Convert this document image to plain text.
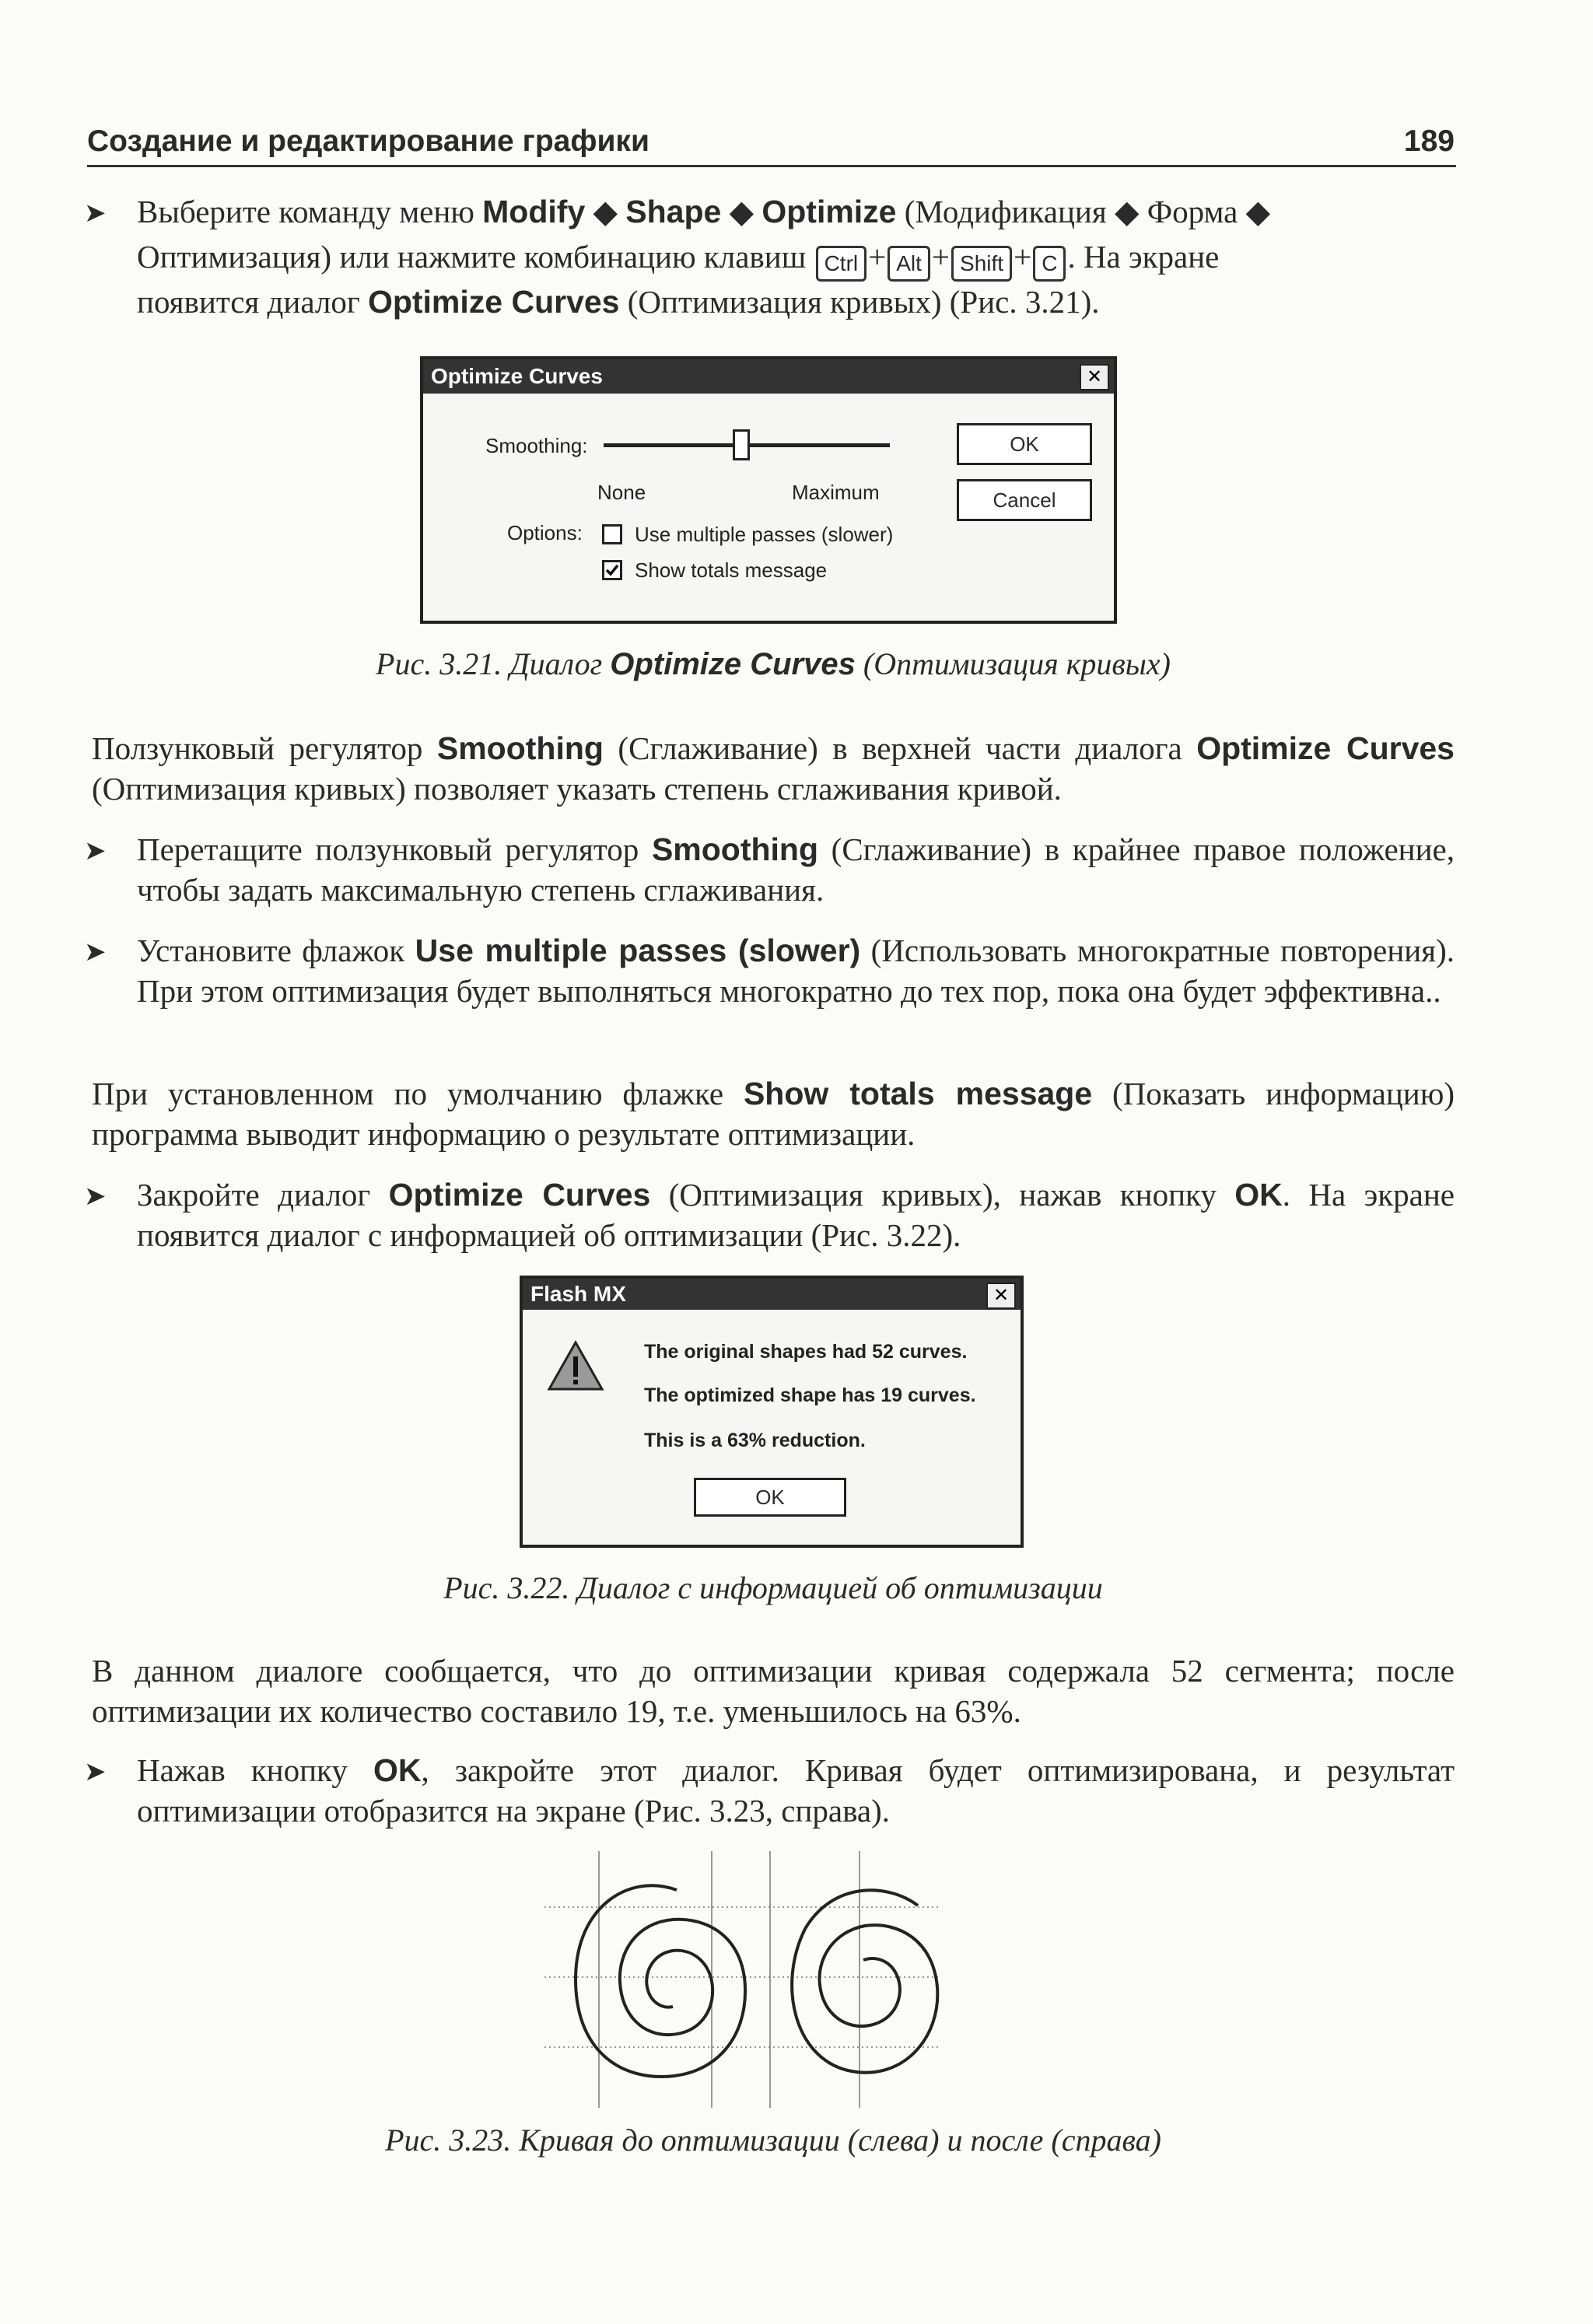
Создание и редактирование графики	189
➤ Выберите команду меню Modify ◆ Shape ◆ Optimize (Модификация ◆ Форма ◆
Оптимизация) или нажмите комбинацию клавиш Ctrl + Alt + Shift + C . На экране
появится диалог Optimize Curves (Оптимизация кривых) (Рис. 3.21).
Optimize Curves	✕
Smoothing:
None	Maximum
OK
Cancel
Options:	Use multiple passes (slower)
Show totals message
Рис. 3.21. Диалог Optimize Curves (Оптимизация кривых)
Ползунковый регулятор Smoothing (Сглаживание) в верхней части диалога Optimize Curves (Оптимизация кривых) позволяет указать степень сглаживания кривой.
➤ Перетащите ползунковый регулятор Smoothing (Сглаживание) в крайнее правое положение, чтобы задать максимальную степень сглаживания.
➤ Установите флажок Use multiple passes (slower) (Использовать многократные повторения). При этом оптимизация будет выполняться многократно до тех пор, пока она будет эффективна..
При установленном по умолчанию флажке Show totals message (Показать информацию) программа выводит информацию о результате оптимизации.
➤ Закройте диалог Optimize Curves (Оптимизация кривых), нажав кнопку OK. На экране появится диалог с информацией об оптимизации (Рис. 3.22).
Flash MX	✕
The original shapes had 52 curves.
The optimized shape has 19 curves.
This is a 63% reduction.
OK
Рис. 3.22. Диалог с информацией об оптимизации
В данном диалоге сообщается, что до оптимизации кривая содержала 52 сегмента; после оптимизации их количество составило 19, т.е. уменьшилось на 63%.
➤ Нажав кнопку OK, закройте этот диалог. Кривая будет оптимизирована, и результат оптимизации отобразится на экране (Рис. 3.23, справа).
Рис. 3.23. Кривая до оптимизации (слева) и после (справа)
